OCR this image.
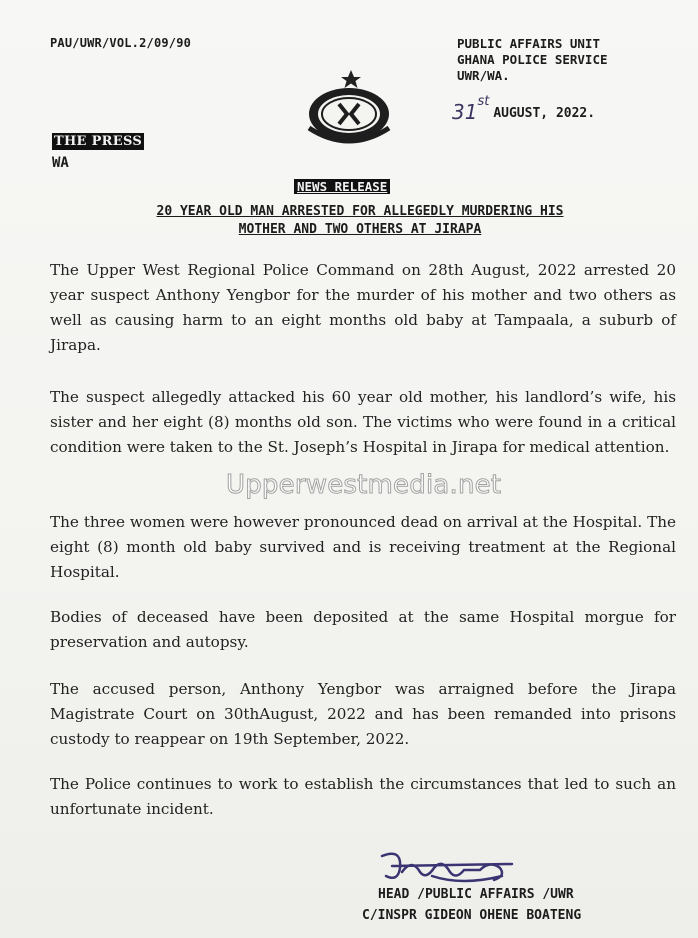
PAU/UWR/VOL.2/09/90	PUBLIC AFFAIRS UNIT
GHANA POLICE SERVICE
UWR/WA.
31stAUGUST, 2022.
THE PRESS
WA
NEWS RELEASE
20 YEAR OLD MAN ARRESTED FOR ALLEGEDLY MURDERING HIS
MOTHER AND TWO OTHERS AT JIRAPA
The Upper West Regional Police Command on 28th August, 2022 arrested 20 year suspect Anthony Yengbor for the murder of his mother and two others as well as causing harm to an eight months old baby at Tampaala, a suburb of Jirapa.
The suspect allegedly attacked his 60 year old mother, his landlord’s wife, his sister and her eight (8) months old son. The victims who were found in a critical condition were taken to the St. Joseph’s Hospital in Jirapa for medical attention.
The three women were however pronounced dead on arrival at the Hospital. The eight (8) month old baby survived and is receiving treatment at the Regional Hospital.
Bodies of deceased have been deposited at the same Hospital morgue for preservation and autopsy.
The accused person, Anthony Yengbor was arraigned before the Jirapa Magistrate Court on 30thAugust, 2022 and has been remanded into prisons custody to reappear on 19th September, 2022.
The Police continues to work to establish the circumstances that led to such an unfortunate incident.
Upperwestmedia.net
HEAD /PUBLIC AFFAIRS /UWR
C/INSPR GIDEON OHENE BOATENG
